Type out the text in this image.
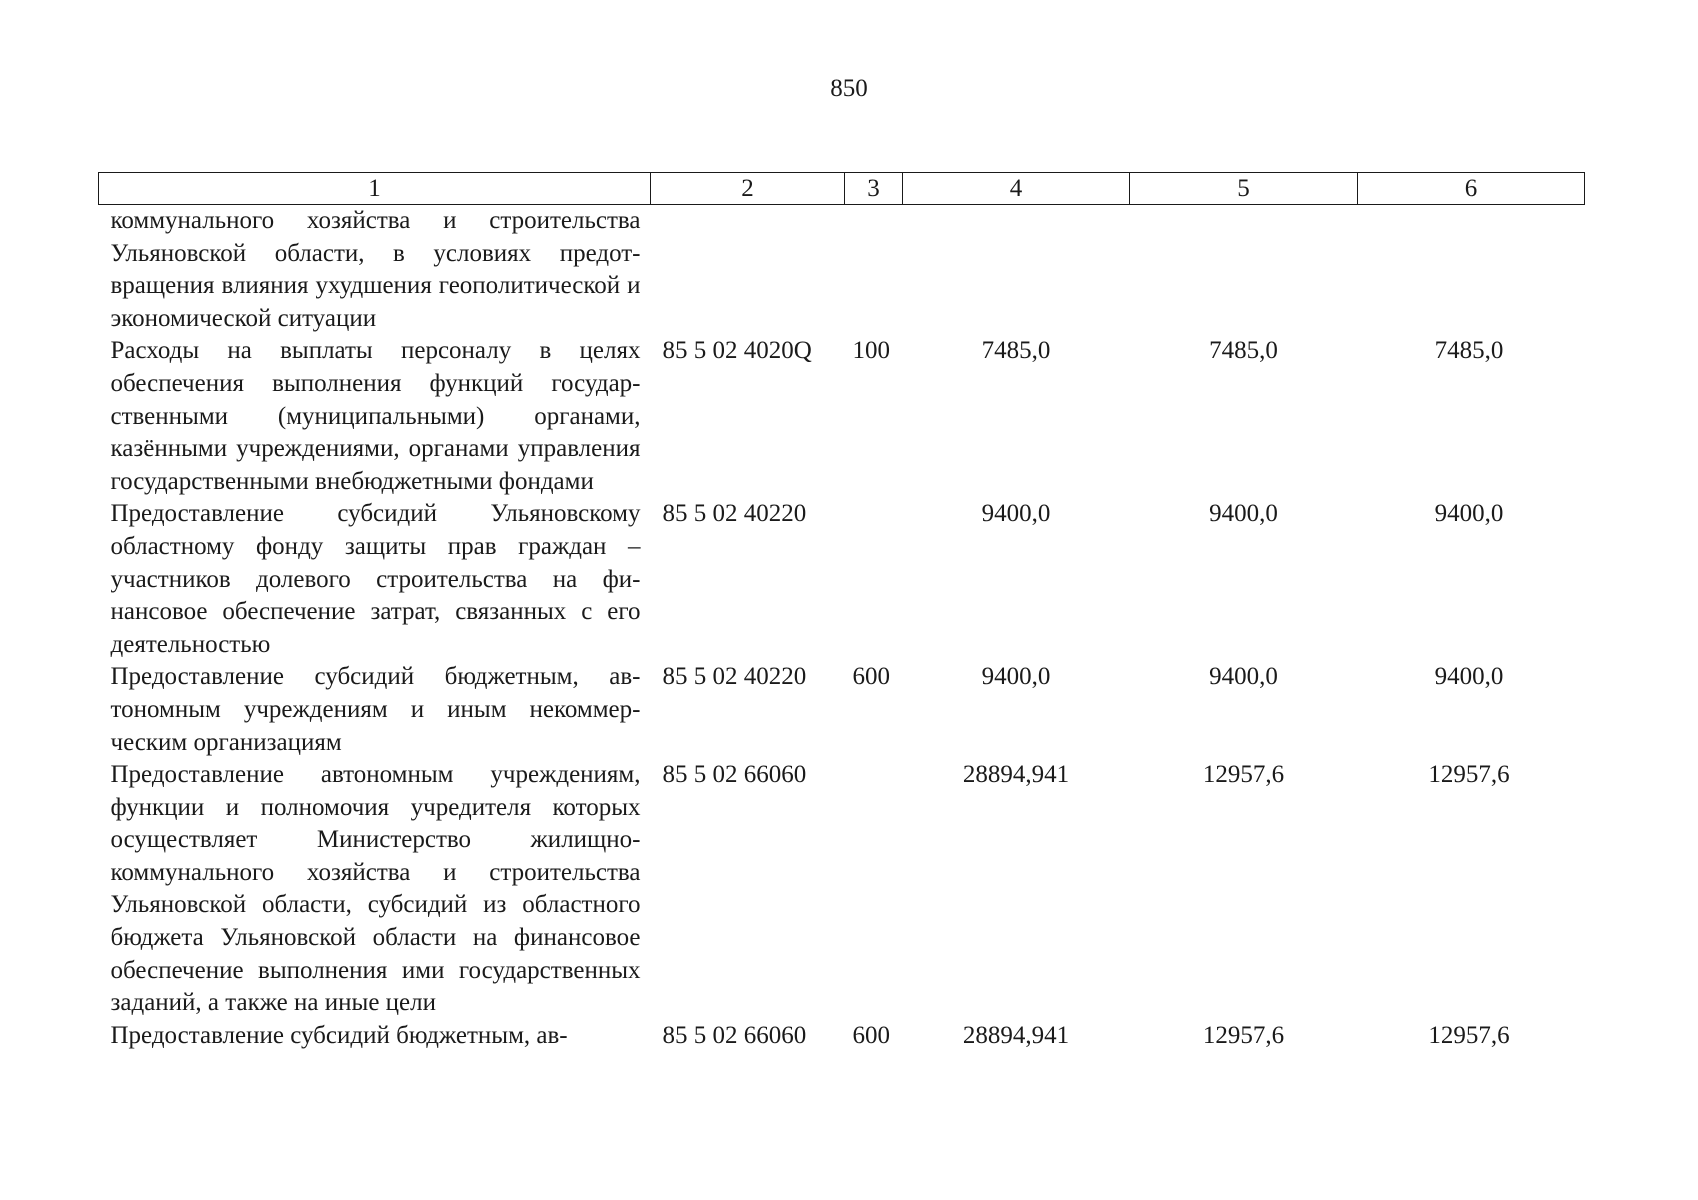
850
1	2	3	4	5	6
коммунального хозяйства и строительства Ульяновской области, в условиях предотвращения влияния ухудшения геополитической и экономической ситуации					
Расходы на выплаты персоналу в целях обеспечения выполнения функций государственными (муниципальными) органами, казёнными учреждениями, органами управления государственными внебюджетными фондами	85 5 02 4020Q	100	7485,0	7485,0	7485,0
Предоставление субсидий Ульяновскому областному фонду защиты прав граждан – участников долевого строительства на финансовое обеспечение затрат, связанных с его деятельностью	85 5 02 40220		9400,0	9400,0	9400,0
Предоставление субсидий бюджетным, автономным учреждениям и иным некоммерческим организациям	85 5 02 40220	600	9400,0	9400,0	9400,0
Предоставление автономным учреждениям, функции и полномочия учредителя которых осуществляет Министерство жилищно-коммунального хозяйства и строительства Ульяновской области, субсидий из областного бюджета Ульяновской области на финансовое обеспечение выполнения ими государственных заданий, а также на иные цели	85 5 02 66060		28894,941	12957,6	12957,6
Предоставление субсидий бюджетным, ав-	85 5 02 66060	600	28894,941	12957,6	12957,6
